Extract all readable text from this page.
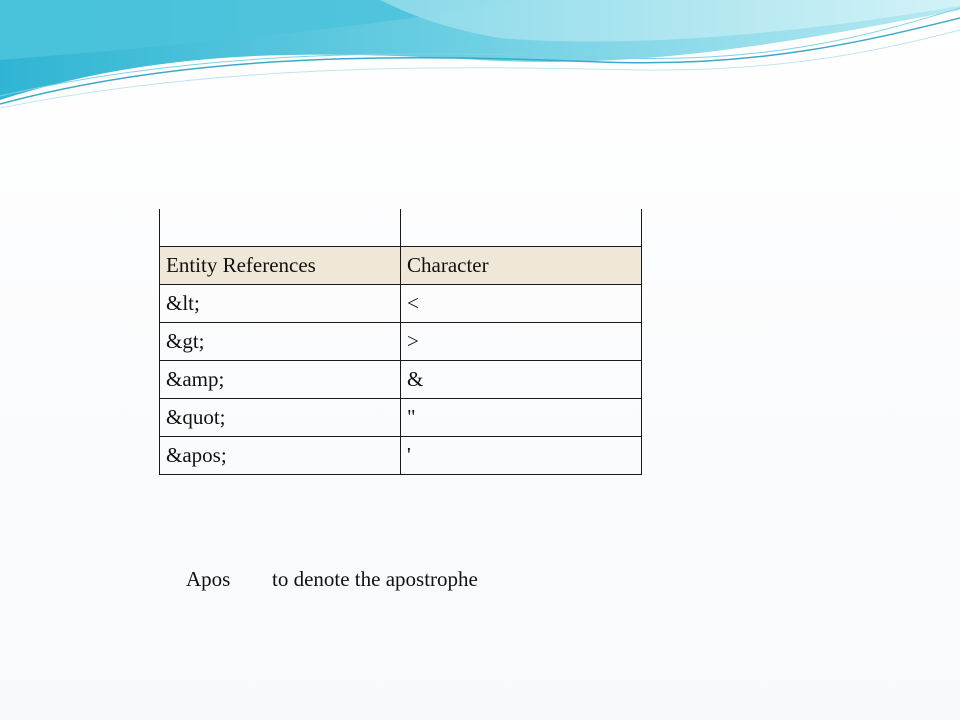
Entity References	Character
&lt;	<
&gt;	>
&amp;	&
&quot;	"
&apos;	'
Apos to denote the apostrophe
